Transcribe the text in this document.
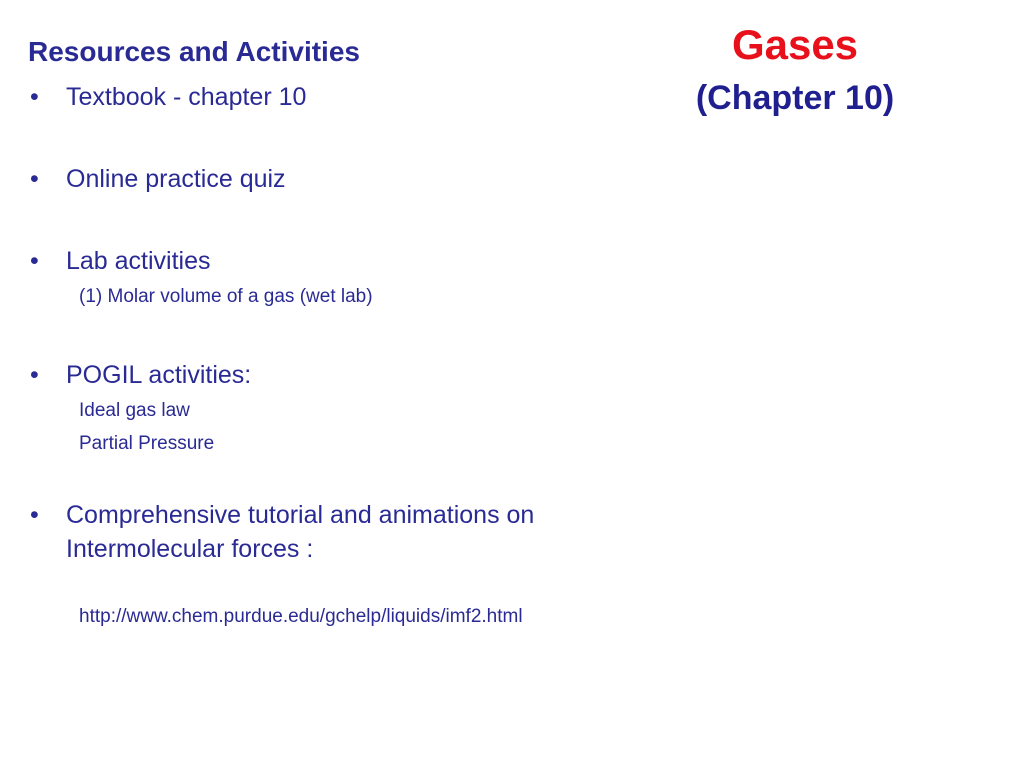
Gases
(Chapter 10)
Resources and Activities
•	Textbook - chapter 10
•	Online practice quiz
•	Lab activities
(1) Molar volume of a gas (wet lab)
•	POGIL activities:
Ideal gas law
Partial Pressure
•	Comprehensive tutorial and animations on Intermolecular forces :
http://www.chem.purdue.edu/gchelp/liquids/imf2.html
